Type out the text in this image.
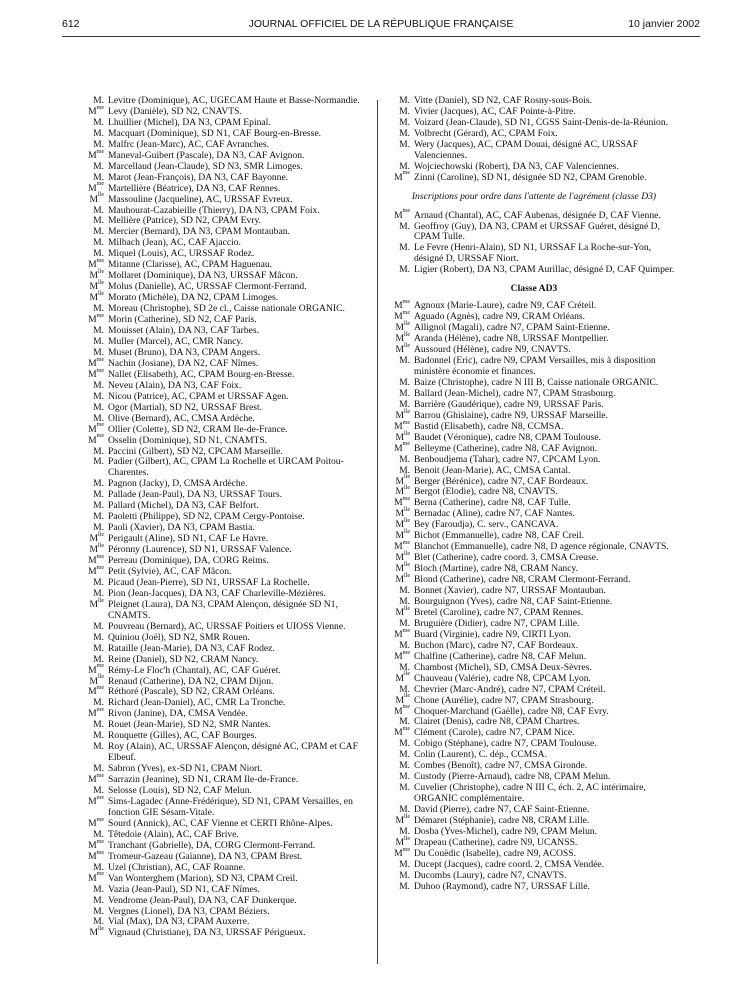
612	JOURNAL OFFICIEL DE LA RÉPUBLIQUE FRANÇAISE	10 janvier 2002
M. Levitre (Dominique), AC, UGECAM Haute et Basse-Normandie.
$M^{me}$ Levy (Danièle), SD N2, CNAVTS.
M. Lhuillier (Michel), DA N3, CPAM Epinal.
M. Macquart (Dominique), SD N1, CAF Bourg-en-Bresse.
M. Malfrc (Jean-Marc), AC, CAF Avranches.
$M^{me}$ Maneval-Guibert (Pascale), DA N3, CAF Avignon.
M. Marcellaud (Jean-Claude), SD N3, SMR Limoges.
M. Marot (Jean-François), DA N3, CAF Bayonne.
$M^{me}$ Martellière (Béatrice), DA N3, CAF Rennes.
$M^{lle}$ Massouline (Jacqueline), AC, URSSAF Evreux.
M. Mauhourat-Cazabieille (Thierry), DA N3, CPAM Foix.
M. Mellière (Patrice), SD N2, CPAM Evry.
M. Mercier (Bernard), DA N3, CPAM Montauban.
M. Milbach (Jean), AC, CAF Ajaccio.
M. Miquel (Louis), AC, URSSAF Rodez.
$M^{me}$ Mitanne (Clarisse), AC, CPAM Haguenau.
$M^{lle}$ Mollaret (Dominique), DA N3, URSSAF Mâcon.
$M^{lle}$ Molus (Danielle), AC, URSSAF Clermont-Ferrand.
$M^{lle}$ Morato (Michèle), DA N2, CPAM Limoges.
M. Moreau (Christophe), SD 2e cl., Caisse nationale ORGANIC.
$M^{me}$ Morin (Catherine), SD N2, CAF Paris.
M. Mouisset (Alain), DA N3, CAF Tarbes.
M. Muller (Marcel), AC, CMR Nancy.
M. Muset (Bruno), DA N3, CPAM Angers.
$M^{me}$ Nachin (Josiane), DA N2, CAF Nîmes.
$M^{me}$ Nallet (Elisabeth), AC, CPAM Bourg-en-Bresse.
M. Neveu (Alain), DA N3, CAF Foix.
M. Nicou (Patrice), AC, CPAM et URSSAF Agen.
M. Ogor (Martial), SD N2, URSSAF Brest.
M. Olive (Bernard), AC, CMSA Ardèche.
$M^{me}$ Ollier (Colette), SD N2, CRAM Ile-de-France.
$M^{me}$ Osselin (Dominique), SD N1, CNAMTS.
M. Paccini (Gilbert), SD N2, CPCAM Marseille.
M. Padier (Gilbert), AC, CPAM La Rochelle et URCAM Poitou-Charentes.
M. Pagnon (Jacky), D, CMSA Ardèche.
M. Pallade (Jean-Paul), DA N3, URSSAF Tours.
M. Pallard (Michel), DA N3, CAF Belfort.
M. Paoletti (Philippe), SD N2, CPAM Cergy-Pontoise.
M. Paoli (Xavier), DA N3, CPAM Bastia.
$M^{lle}$ Perigault (Aline), SD N1, CAF Le Havre.
$M^{lle}$ Péronny (Laurence), SD N1, URSSAF Valence.
$M^{me}$ Perreau (Dominique), DA, CORG Reims.
$M^{me}$ Petit (Sylvie), AC, CAF Mâcon.
M. Picaud (Jean-Pierre), SD N1, URSSAF La Rochelle.
M. Pion (Jean-Jacques), DA N3, CAF Charleville-Mézières.
$M^{lle}$ Pleignet (Laura), DA N3, CPAM Alençon, désignée SD N1, CNAMTS.
M. Pouvreau (Bernard), AC, URSSAF Poitiers et UIOSS Vienne.
M. Quiniou (Joël), SD N2, SMR Rouen.
M. Rataille (Jean-Marie), DA N3, CAF Rodez.
M. Reine (Daniel), SD N2, CRAM Nancy.
$M^{me}$ Rémy-Le Floc'h (Chantal), AC, CAF Guéret.
$M^{lle}$ Renaud (Catherine), DA N2, CPAM Dijon.
$M^{me}$ Réthoré (Pascale), SD N2, CRAM Orléans.
M. Richard (Jean-Daniel), AC, CMR La Tronche.
$M^{me}$ Rivon (Janine), DA, CMSA Vendée.
M. Rouet (Jean-Marie), SD N2, SMR Nantes.
M. Rouquette (Gilles), AC, CAF Bourges.
M. Roy (Alain), AC, URSSAF Alençon, désigné AC, CPAM et CAF Elbeuf.
M. Sabron (Yves), ex-SD N1, CPAM Niort.
$M^{me}$ Sarrazin (Jeanine), SD N1, CRAM Ile-de-France.
M. Selosse (Louis), SD N2, CAF Melun.
$M^{me}$ Sims-Lagadec (Anne-Frédérique), SD N1, CPAM Versailles, en fonction GIE Sésam-Vitale.
$M^{me}$ Sourd (Annick), AC, CAF Vienne et CERTI Rhône-Alpes.
M. Têtedoie (Alain), AC, CAF Brive.
$M^{me}$ Tranchant (Gabrielle), DA, CORG Clermont-Ferrand.
$M^{me}$ Tromeur-Gazeau (Gaïanne), DA N3, CPAM Brest.
M. Uzel (Christian), AC, CAF Roanne.
$M^{me}$ Van Wonterghem (Marion), SD N3, CPAM Creil.
M. Vazia (Jean-Paul), SD N1, CAF Nîmes.
M. Vendrome (Jean-Paul), DA N3, CAF Dunkerque.
M. Vergnes (Lionel), DA N3, CPAM Béziers.
M. Vial (Max), DA N3, CPAM Auxerre.
$M^{lle}$ Vignaud (Christiane), DA N3, URSSAF Périgueux.
M. Vitte (Daniel), SD N2, CAF Rosny-sous-Bois.
M. Vivier (Jacques), AC, CAF Pointe-à-Pitre.
M. Voizard (Jean-Claude), SD N1, CGSS Saint-Denis-de-la-Réunion.
M. Volbrecht (Gérard), AC, CPAM Foix.
M. Wery (Jacques), AC, CPAM Douai, désigné AC, URSSAF Valenciennes.
M. Wojciechowski (Robert), DA N3, CAF Valenciennes.
$M^{me}$ Zinni (Caroline), SD N1, désignée SD N2, CPAM Grenoble.
Inscriptions pour ordre dans l'attente de l'agrément (classe D3)
$M^{me}$ Arnaud (Chantal), AC, CAF Aubenas, désignée D, CAF Vienne.
M. Geoffroy (Guy), DA N3, CPAM et URSSAF Guéret, désigné D, CPAM Tulle.
M. Le Fevre (Henri-Alain), SD N1, URSSAF La Roche-sur-Yon, désigné D, URSSAF Niort.
M. Ligier (Robert), DA N3, CPAM Aurillac, désigné D, CAF Quimper.
Classe AD3
$M^{me}$ Agnoux (Marie-Laure), cadre N9, CAF Créteil.
$M^{me}$ Aguado (Agnès), cadre N9, CRAM Orléans.
$M^{lle}$ Allignol (Magali), cadre N7, CPAM Saint-Etienne.
$M^{lle}$ Aranda (Hélène), cadre N8, URSSAF Montpellier.
$M^{lle}$ Aussourd (Hélène), cadre N9, CNAVTS.
M. Badonnel (Eric), cadre N9, CPAM Versailles, mis à disposition ministère économie et finances.
M. Baize (Christophe), cadre N III B, Caisse nationale ORGANIC.
M. Ballard (Jean-Michel), cadre N7, CPAM Strasbourg.
M. Barrière (Gaudérique), cadre N9, URSSAF Paris.
$M^{lle}$ Barrou (Ghislaine), cadre N9, URSSAF Marseille.
$M^{me}$ Bastid (Elisabeth), cadre N8, CCMSA.
$M^{lle}$ Baudet (Véronique), cadre N8, CPAM Toulouse.
$M^{me}$ Belleyme (Catherine), cadre N8, CAF Avignon.
M. Benboudjema (Tahar), cadre N7, CPCAM Lyon.
M. Benoit (Jean-Marie), AC, CMSA Cantal.
$M^{lle}$ Berger (Bérénice), cadre N7, CAF Bordeaux.
$M^{lle}$ Bergot (Elodie), cadre N8, CNAVTS.
$M^{me}$ Berna (Catherine), cadre N8, CAF Tulle.
$M^{lle}$ Bernadac (Aline), cadre N7, CAF Nantes.
$M^{lle}$ Bey (Faroudja), C. serv., CANCAVA.
$M^{lle}$ Bichot (Emmanuelle), cadre N8, CAF Creil.
$M^{me}$ Blanchot (Emmanuelle), cadre N8, D agence régionale, CNAVTS.
$M^{lle}$ Blet (Catherine), cadre coord. 3, CMSA Creuse.
$M^{lle}$ Bloch (Martine), cadre N8, CRAM Nancy.
$M^{lle}$ Blond (Catherine), cadre N8, CRAM Clermont-Ferrand.
M. Bonnet (Xavier), cadre N7, URSSAF Montauban.
M. Bourguignon (Yves), cadre N8, CAF Saint-Etienne.
$M^{lle}$ Bretel (Caroline), cadre N7, CPAM Rennes.
M. Bruguière (Didier), cadre N7, CPAM Lille.
$M^{me}$ Buard (Virginie), cadre N9, CIRTI Lyon.
M. Buchon (Marc), cadre N7, CAF Bordeaux.
$M^{me}$ Chalfine (Catherine), cadre N8, CAF Melun.
M. Chambost (Michel), SD, CMSA Deux-Sèvres.
$M^{lle}$ Chauveau (Valérie), cadre N8, CPCAM Lyon.
M. Chevrier (Marc-André), cadre N7, CPAM Créteil.
$M^{lle}$ Chone (Aurélie), cadre N7, CPAM Strasbourg.
$M^{me}$ Choquer-Marchand (Gaëlle), cadre N8, CAF Evry.
M. Clairet (Denis), cadre N8, CPAM Chartres.
$M^{me}$ Clément (Carole), cadre N7, CPAM Nice.
M. Cobigo (Stéphane), cadre N7, CPAM Toulouse.
M. Colin (Laurent), C. dép., CCMSA.
M. Combes (Benoît), cadre N7, CMSA Gironde.
M. Custody (Pierre-Arnaud), cadre N8, CPAM Melun.
M. Cuvelier (Christophe), cadre N III C, éch. 2, AC intérimaire, ORGANIC complémentaire.
M. David (Pierre), cadre N7, CAF Saint-Etienne.
$M^{lle}$ Démaret (Stéphanie), cadre N8, CRAM Lille.
M. Dosba (Yves-Michel), cadre N9, CPAM Melun.
$M^{lle}$ Drapeau (Catherine), cadre N9, UCANSS.
$M^{me}$ Du Couëdic (Isabelle), cadre N9, ACOSS.
M. Ducept (Jacques), cadre coord. 2, CMSA Vendée.
M. Ducombs (Laury), cadre N7, CNAVTS.
M. Duhoo (Raymond), cadre N7, URSSAF Lille.
